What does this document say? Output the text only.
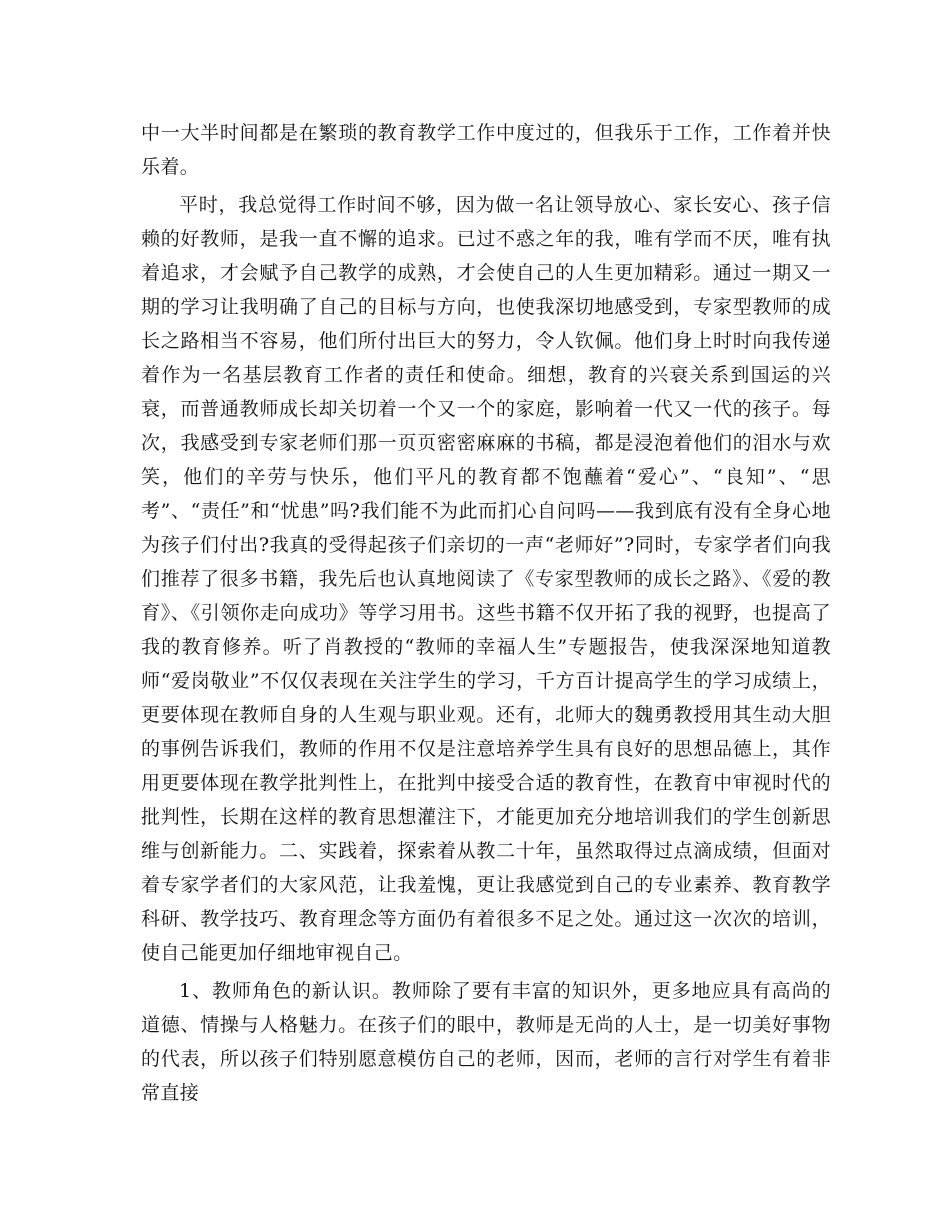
中一大半时间都是在繁琐的教育教学工作中度过的，但我乐于工作，工作着并快乐着。

平时，我总觉得工作时间不够，因为做一名让领导放心、家长安心、孩子信赖的好教师，是我一直不懈的追求。已过不惑之年的我，唯有学而不厌，唯有执着追求，才会赋予自己教学的成熟，才会使自己的人生更加精彩。通过一期又一期的学习让我明确了自己的目标与方向，也使我深切地感受到，专家型教师的成长之路相当不容易，他们所付出巨大的努力，令人钦佩。他们身上时时向我传递着作为一名基层教育工作者的责任和使命。细想，教育的兴衰关系到国运的兴衰，而普通教师成长却关切着一个又一个的家庭，影响着一代又一代的孩子。每次，我感受到专家老师们那一页页密密麻麻的书稿，都是浸泡着他们的泪水与欢笑，他们的辛劳与快乐，他们平凡的教育都不饱蘸着“爱心”、“良知”、“思考”、“责任”和“忧患”吗?我们能不为此而扪心自问吗——我到底有没有全身心地为孩子们付出?我真的受得起孩子们亲切的一声“老师好”?同时，专家学者们向我们推荐了很多书籍，我先后也认真地阅读了《专家型教师的成长之路》、《爱的教育》、《引领你走向成功》等学习用书。这些书籍不仅开拓了我的视野，也提高了我的教育修养。听了肖教授的“教师的幸福人生”专题报告，使我深深地知道教师“爱岗敬业”不仅仅表现在关注学生的学习，千方百计提高学生的学习成绩上，更要体现在教师自身的人生观与职业观。还有，北师大的魏勇教授用其生动大胆的事例告诉我们，教师的作用不仅是注意培养学生具有良好的思想品德上，其作用更要体现在教学批判性上，在批判中接受合适的教育性，在教育中审视时代的批判性，长期在这样的教育思想灌注下，才能更加充分地培训我们的学生创新思维与创新能力。二、实践着，探索着从教二十年，虽然取得过点滴成绩，但面对着专家学者们的大家风范，让我羞愧，更让我感觉到自己的专业素养、教育教学科研、教学技巧、教育理念等方面仍有着很多不足之处。通过这一次次的培训，使自己能更加仔细地审视自己。

1、教师角色的新认识。教师除了要有丰富的知识外，更多地应具有高尚的道德、情操与人格魅力。在孩子们的眼中，教师是无尚的人士，是一切美好事物的代表，所以孩子们特别愿意模仿自己的老师，因而，老师的言行对学生有着非常直接
